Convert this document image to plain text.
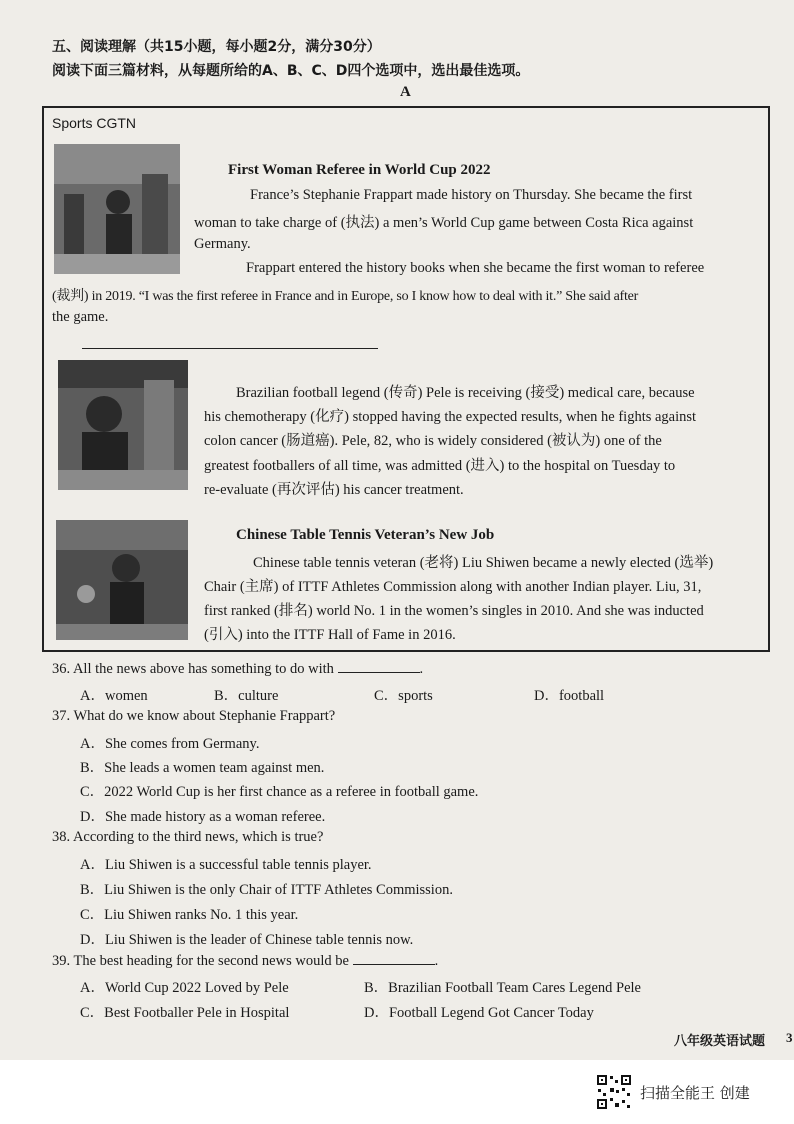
五、阅读理解（共15小题，每小题2分，满分30分）
阅读下面三篇材料，从每题所给的A、B、C、D四个选项中，选出最佳选项。
A
Sports CGTN
First Woman Referee in World Cup 2022
France’s Stephanie Frappart made history on Thursday. She became the first
woman to take charge of (执法) a men’s World Cup game between Costa Rica against
Germany.
Frappart entered the history books when she became the first woman to referee
(裁判) in 2019. “I was the first referee in France and in Europe, so I know how to deal with it.” She said after
the game.
Brazilian football legend (传奇) Pele is receiving (接受) medical care, because
his chemotherapy (化疗) stopped having the expected results, when he fights against
colon cancer (肠道癌). Pele, 82, who is widely considered (被认为) one of the
greatest footballers of all time, was admitted (进入) to the hospital on Tuesday to
re-evaluate (再次评估) his cancer treatment.
Chinese Table Tennis Veteran’s New Job
Chinese table tennis veteran (老将) Liu Shiwen became a newly elected (选举)
Chair (主席) of ITTF Athletes Commission along with another Indian player. Liu, 31,
first ranked (排名) world No. 1 in the women’s singles in 2010. And she was inducted
(引入) into the ITTF Hall of Fame in 2016.
36. All the news above has something to do with	.
A．women	B．culture	C．sports	D．football
37. What do we know about Stephanie Frappart?
A．She comes from Germany.
B．She leads a women team against men.
C．2022 World Cup is her first chance as a referee in football game.
D．She made history as a woman referee.
38. According to the third news, which is true?
A．Liu Shiwen is a successful table tennis player.
B．Liu Shiwen is the only Chair of ITTF Athletes Commission.
C．Liu Shiwen ranks No. 1 this year.
D．Liu Shiwen is the leader of Chinese table tennis now.
39. The best heading for the second news would be	.
A．World Cup 2022 Loved by Pele	B．Brazilian Football Team Cares Legend Pele
C．Best Footballer Pele in Hospital	D．Football Legend Got Cancer Today
八年级英语试题 3
扫描全能王 创建
